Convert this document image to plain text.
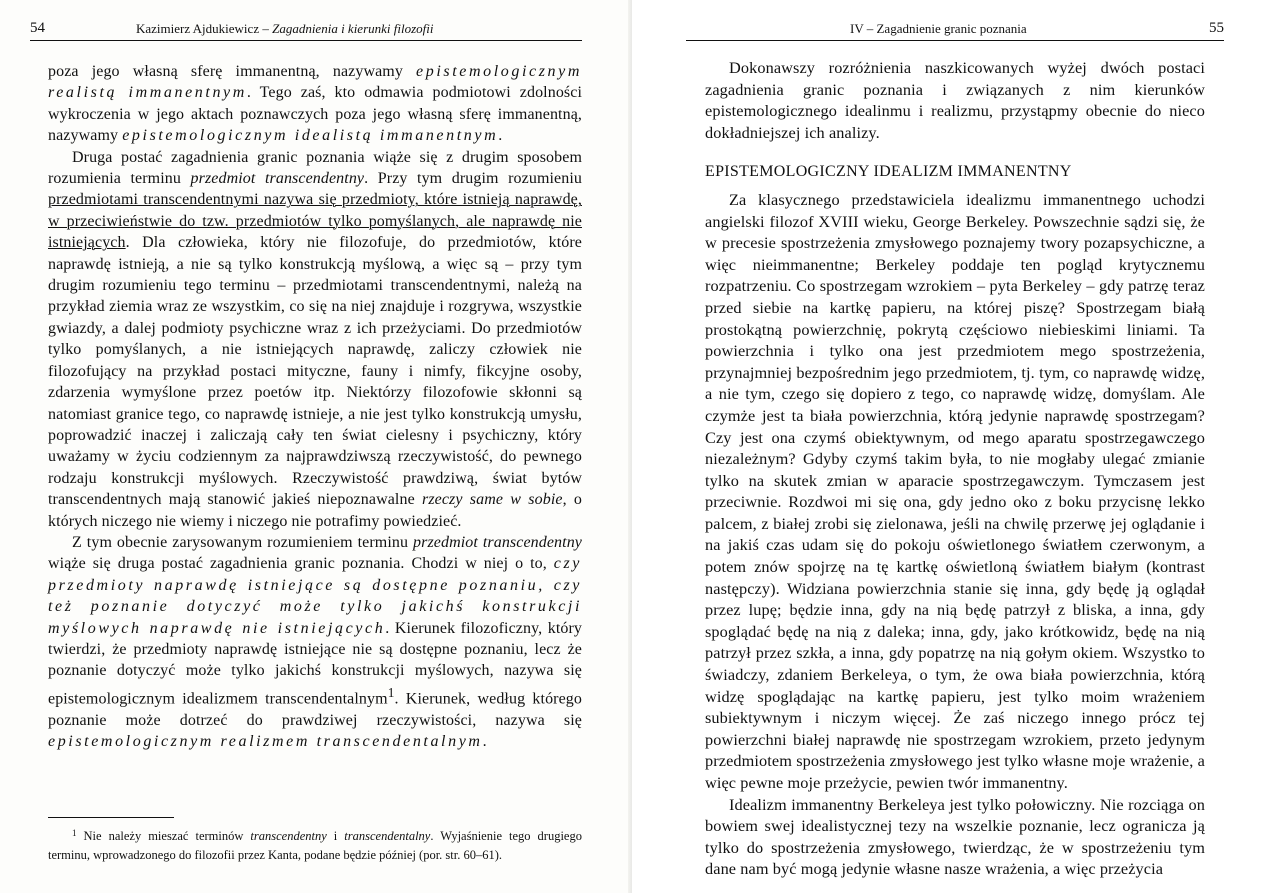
54	Kazimierz Ajdukiewicz – Zagadnienia i kierunki filozofii

poza jego własną sferę immanentną, nazywamy epistemologicznym realistą immanentnym. Tego zaś, kto odmawia podmiotowi zdolności wykroczenia w jego aktach poznawczych poza jego własną sferę immanentną, nazywamy epistemologicznym idealistą immanentnym.

Druga postać zagadnienia granic poznania wiąże się z drugim sposobem rozumienia terminu przedmiot transcendentny. Przy tym drugim rozumieniu przedmiotami transcendentnymi nazywa się przedmioty, które istnieją naprawdę, w przeciwieństwie do tzw. przedmiotów tylko pomyślanych, ale naprawdę nie istniejących. Dla człowieka, który nie filozofuje, do przedmiotów, które naprawdę istnieją, a nie są tylko konstrukcją myślową, a więc są – przy tym drugim rozumieniu tego terminu – przedmiotami transcendentnymi, należą na przykład ziemia wraz ze wszystkim, co się na niej znajduje i rozgrywa, wszystkie gwiazdy, a dalej podmioty psychiczne wraz z ich przeżyciami. Do przedmiotów tylko pomyślanych, a nie istniejących naprawdę, zaliczy człowiek nie filozofujący na przykład postaci mityczne, fauny i nimfy, fikcyjne osoby, zdarzenia wymyślone przez poetów itp. Niektórzy filozofowie skłonni są natomiast granice tego, co naprawdę istnieje, a nie jest tylko konstrukcją umysłu, poprowadzić inaczej i zaliczają cały ten świat cielesny i psychiczny, który uważamy w życiu codziennym za najprawdziwszą rzeczywistość, do pewnego rodzaju konstrukcji myślowych. Rzeczywistość prawdziwą, świat bytów transcendentnych mają stanowić jakieś niepoznawalne rzeczy same w sobie, o których niczego nie wiemy i niczego nie potrafimy powiedzieć.

Z tym obecnie zarysowanym rozumieniem terminu przedmiot transcendentny wiąże się druga postać zagadnienia granic poznania. Chodzi w niej o to, czy przedmioty naprawdę istniejące są dostępne poznaniu, czy też poznanie dotyczyć może tylko jakichś konstrukcji myślowych naprawdę nie istniejących. Kierunek filozoficzny, który twierdzi, że przedmioty naprawdę istniejące nie są dostępne poznaniu, lecz że poznanie dotyczyć może tylko jakichś konstrukcji myślowych, nazywa się epistemologicznym idealizmem transcendentalnym$^1$. Kierunek, według którego poznanie może dotrzeć do prawdziwej rzeczywistości, nazywa się epistemologicznym realizmem transcendentalnym.

$^1$ Nie należy mieszać terminów transcendentny i transcendentalny. Wyjaśnienie tego drugiego terminu, wprowadzonego do filozofii przez Kanta, podane będzie później (por. str. 60–61).

IV – Zagadnienie granic poznania	55

Dokonawszy rozróżnienia naszkicowanych wyżej dwóch postaci zagadnienia granic poznania i związanych z nim kierunków epistemologicznego idealinmu i realizmu, przystąpmy obecnie do nieco dokładniejszej ich analizy.

EPISTEMOLOGICZNY IDEALIZM IMMANENTNY

Za klasycznego przedstawiciela idealizmu immanentnego uchodzi angielski filozof XVIII wieku, George Berkeley. Powszechnie sądzi się, że w precesie spostrzeżenia zmysłowego poznajemy twory pozapsychiczne, a więc nieimmanentne; Berkeley poddaje ten pogląd krytycznemu rozpatrzeniu. Co spostrzegam wzrokiem – pyta Berkeley – gdy patrzę teraz przed siebie na kartkę papieru, na której piszę? Spostrzegam białą prostokątną powierzchnię, pokrytą częściowo niebieskimi liniami. Ta powierzchnia i tylko ona jest przedmiotem mego spostrzeżenia, przynajmniej bezpośrednim jego przedmiotem, tj. tym, co naprawdę widzę, a nie tym, czego się dopiero z tego, co naprawdę widzę, domyślam. Ale czymże jest ta biała powierzchnia, którą jedynie naprawdę spostrzegam? Czy jest ona czymś obiektywnym, od mego aparatu spostrzegawczego niezależnym? Gdyby czymś takim była, to nie mogłaby ulegać zmianie tylko na skutek zmian w aparacie spostrzegawczym. Tymczasem jest przeciwnie. Rozdwoi mi się ona, gdy jedno oko z boku przycisnę lekko palcem, z białej zrobi się zielonawa, jeśli na chwilę przerwę jej oglądanie i na jakiś czas udam się do pokoju oświetlonego światłem czerwonym, a potem znów spojrzę na tę kartkę oświetloną światłem białym (kontrast następczy). Widziana powierzchnia stanie się inna, gdy będę ją oglądał przez lupę; będzie inna, gdy na nią będę patrzył z bliska, a inna, gdy spoglądać będę na nią z daleka; inna, gdy, jako krótkowidz, będę na nią patrzył przez szkła, a inna, gdy popatrzę na nią gołym okiem. Wszystko to świadczy, zdaniem Berkeleya, o tym, że owa biała powierzchnia, którą widzę spoglądając na kartkę papieru, jest tylko moim wrażeniem subiektywnym i niczym więcej. Że zaś niczego innego prócz tej powierzchni białej naprawdę nie spostrzegam wzrokiem, przeto jedynym przedmiotem spostrzeżenia zmysłowego jest tylko własne moje wrażenie, a więc pewne moje przeżycie, pewien twór immanentny.

Idealizm immanentny Berkeleya jest tylko połowiczny. Nie rozciąga on bowiem swej idealistycznej tezy na wszelkie poznanie, lecz ogranicza ją tylko do spostrzeżenia zmysłowego, twierdząc, że w spostrzeżeniu tym dane nam być mogą jedynie własne nasze wrażenia, a więc przeżycia
